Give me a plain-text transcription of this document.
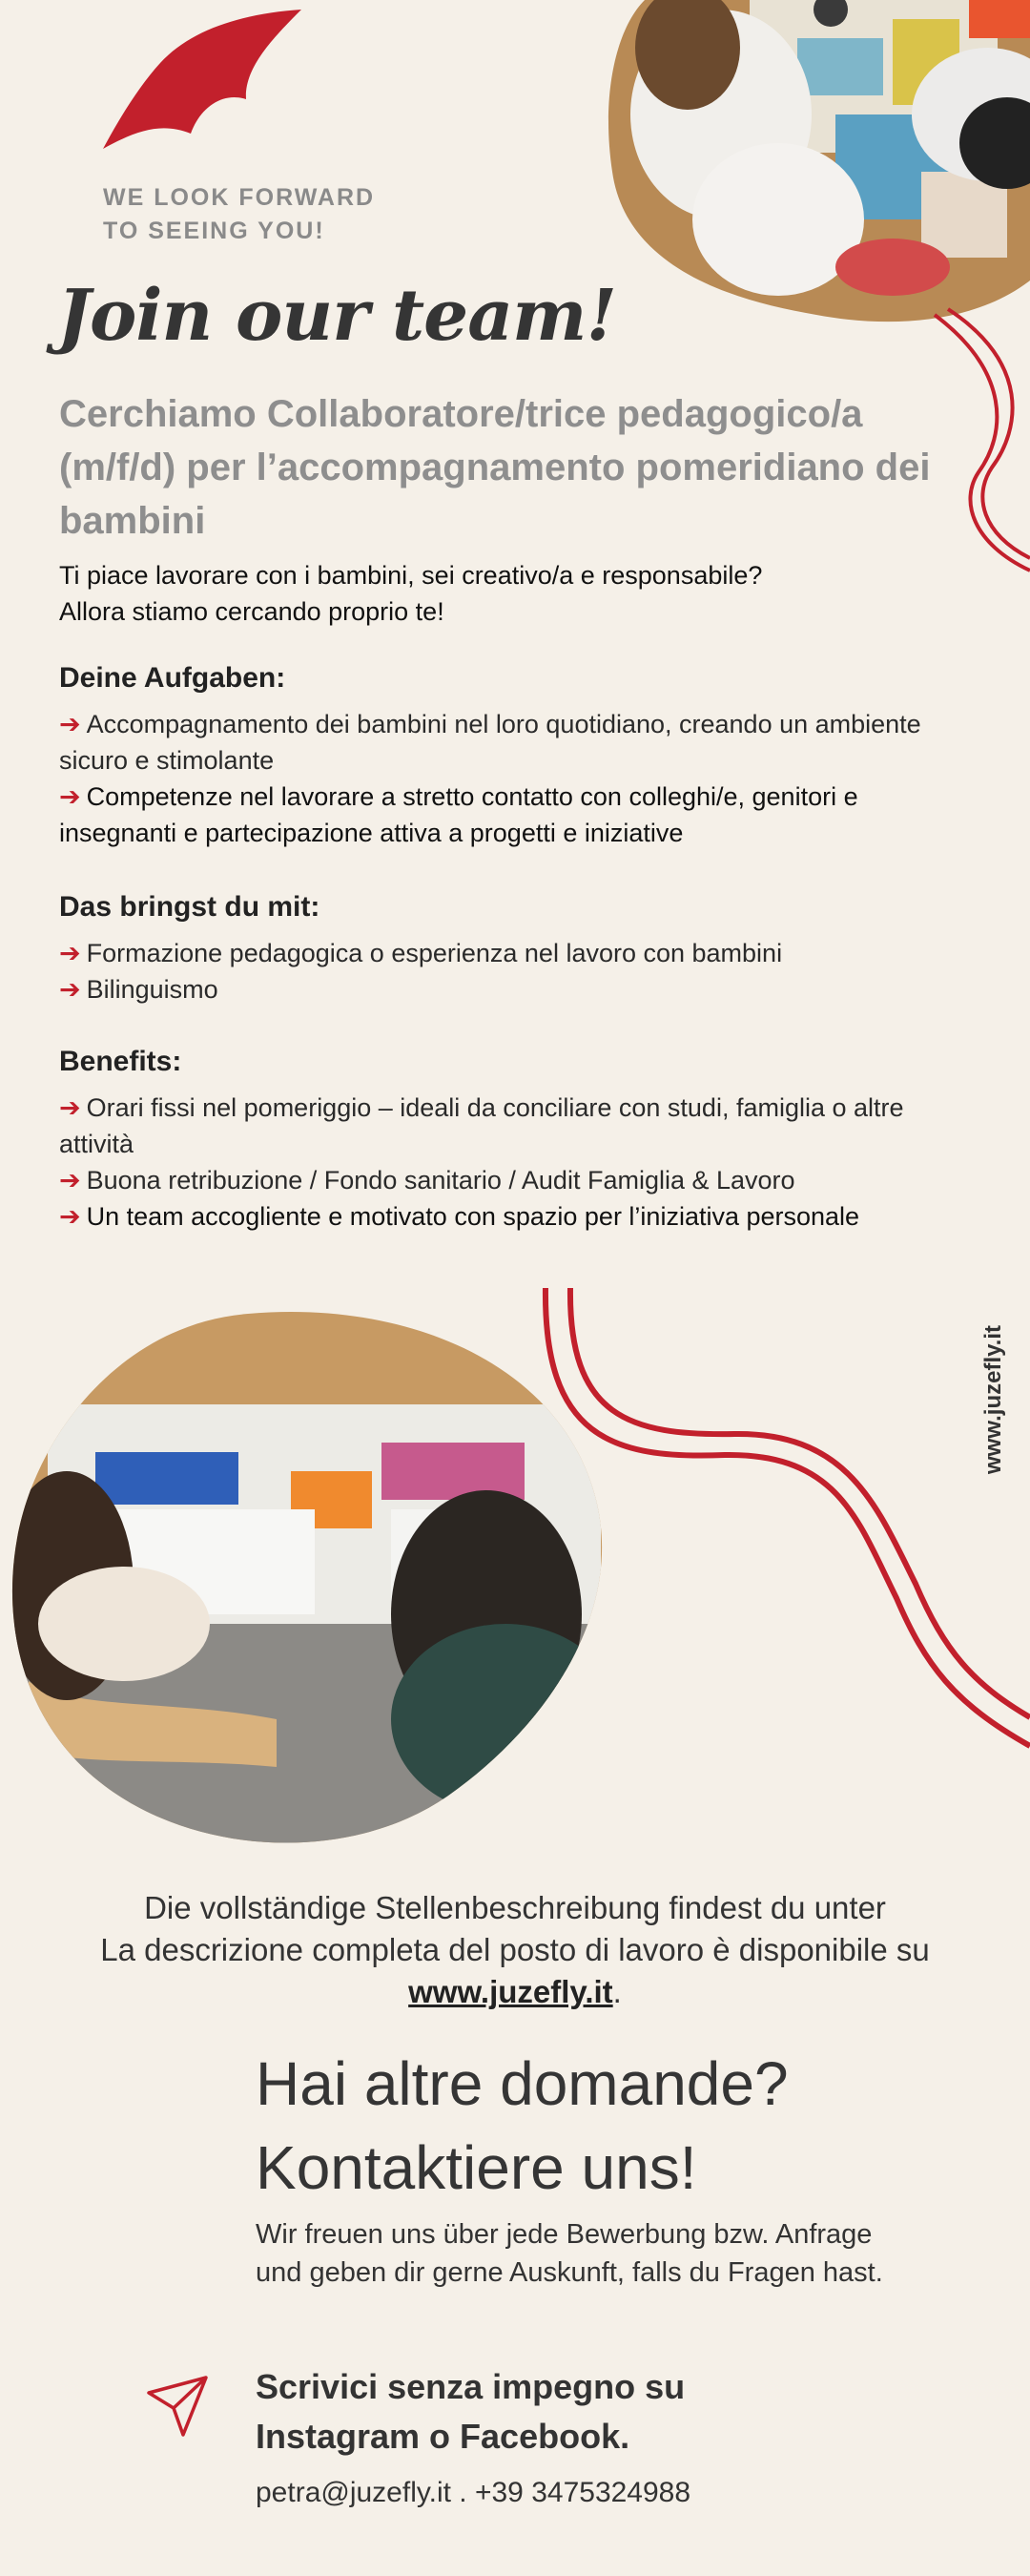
WE LOOK FORWARD
TO SEEING YOU!
Join our team!
Cerchiamo Collaboratore/trice pedagogico/a (m/f/d) per l’accompagnamento pomeridiano dei bambini
Ti piace lavorare con i bambini, sei creativo/a e responsabile?
Allora stiamo cercando proprio te!
Deine Aufgaben:
➔ Accompagnamento dei bambini nel loro quotidiano, creando un ambiente sicuro e stimolante
➔ Competenze nel lavorare a stretto contatto con colleghi/e, genitori e insegnanti e partecipazione attiva a progetti e iniziative
Das bringst du mit:
➔ Formazione pedagogica o esperienza nel lavoro con bambini
➔ Bilinguismo
Benefits:
➔ Orari fissi nel pomeriggio – ideali da conciliare con studi, famiglia o altre attività
➔ Buona retribuzione / Fondo sanitario / Audit Famiglia & Lavoro
➔ Un team accogliente e motivato con spazio per l’iniziativa personale
www.juzefly.it
Die vollständige Stellenbeschreibung findest du unter
La descrizione completa del posto di lavoro è disponibile su
www.juzefly.it.
Hai altre domande?
Kontaktiere uns!
Wir freuen uns über jede Bewerbung bzw. Anfrage und geben dir gerne Auskunft, falls du Fragen hast.
Scrivici senza impegno su
Instagram o Facebook.
petra@juzefly.it . +39 3475324988
